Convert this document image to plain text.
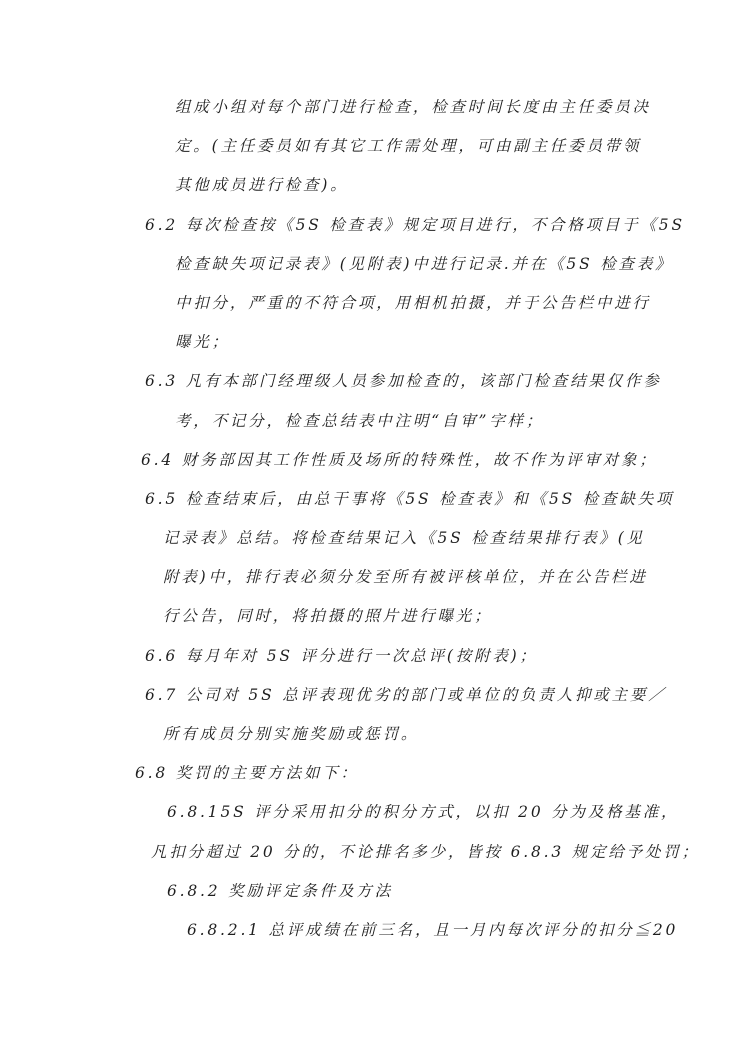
组成小组对每个部门进行检查，检查时间长度由主任委员决
定。(主任委员如有其它工作需处理，可由副主任委员带领
其他成员进行检查)。
6.2 每次检查按《5S 检查表》规定项目进行，不合格项目于《5S
检查缺失项记录表》(见附表)中进行记录.并在《5S 检查表》
中扣分，严重的不符合项，用相机拍摄，并于公告栏中进行
曝光；
6.3 凡有本部门经理级人员参加检查的，该部门检查结果仅作参
考，不记分，检查总结表中注明“自审”字样；
6.4 财务部因其工作性质及场所的特殊性，故不作为评审对象；
6.5 检查结束后，由总干事将《5S 检查表》和《5S 检查缺失项
记录表》总结。将检查结果记入《5S 检查结果排行表》(见
附表)中，排行表必须分发至所有被评核单位，并在公告栏进
行公告，同时，将拍摄的照片进行曝光；
6.6 每月年对 5S 评分进行一次总评(按附表)；
6.7 公司对 5S 总评表现优劣的部门或单位的负责人抑或主要／
所有成员分别实施奖励或惩罚。
6.8 奖罚的主要方法如下：
6.8.15S 评分采用扣分的积分方式，以扣 20 分为及格基准，
凡扣分超过 20 分的，不论排名多少，皆按 6.8.3 规定给予处罚；
6.8.2 奖励评定条件及方法
6.8.2.1 总评成绩在前三名，且一月内每次评分的扣分≦20
